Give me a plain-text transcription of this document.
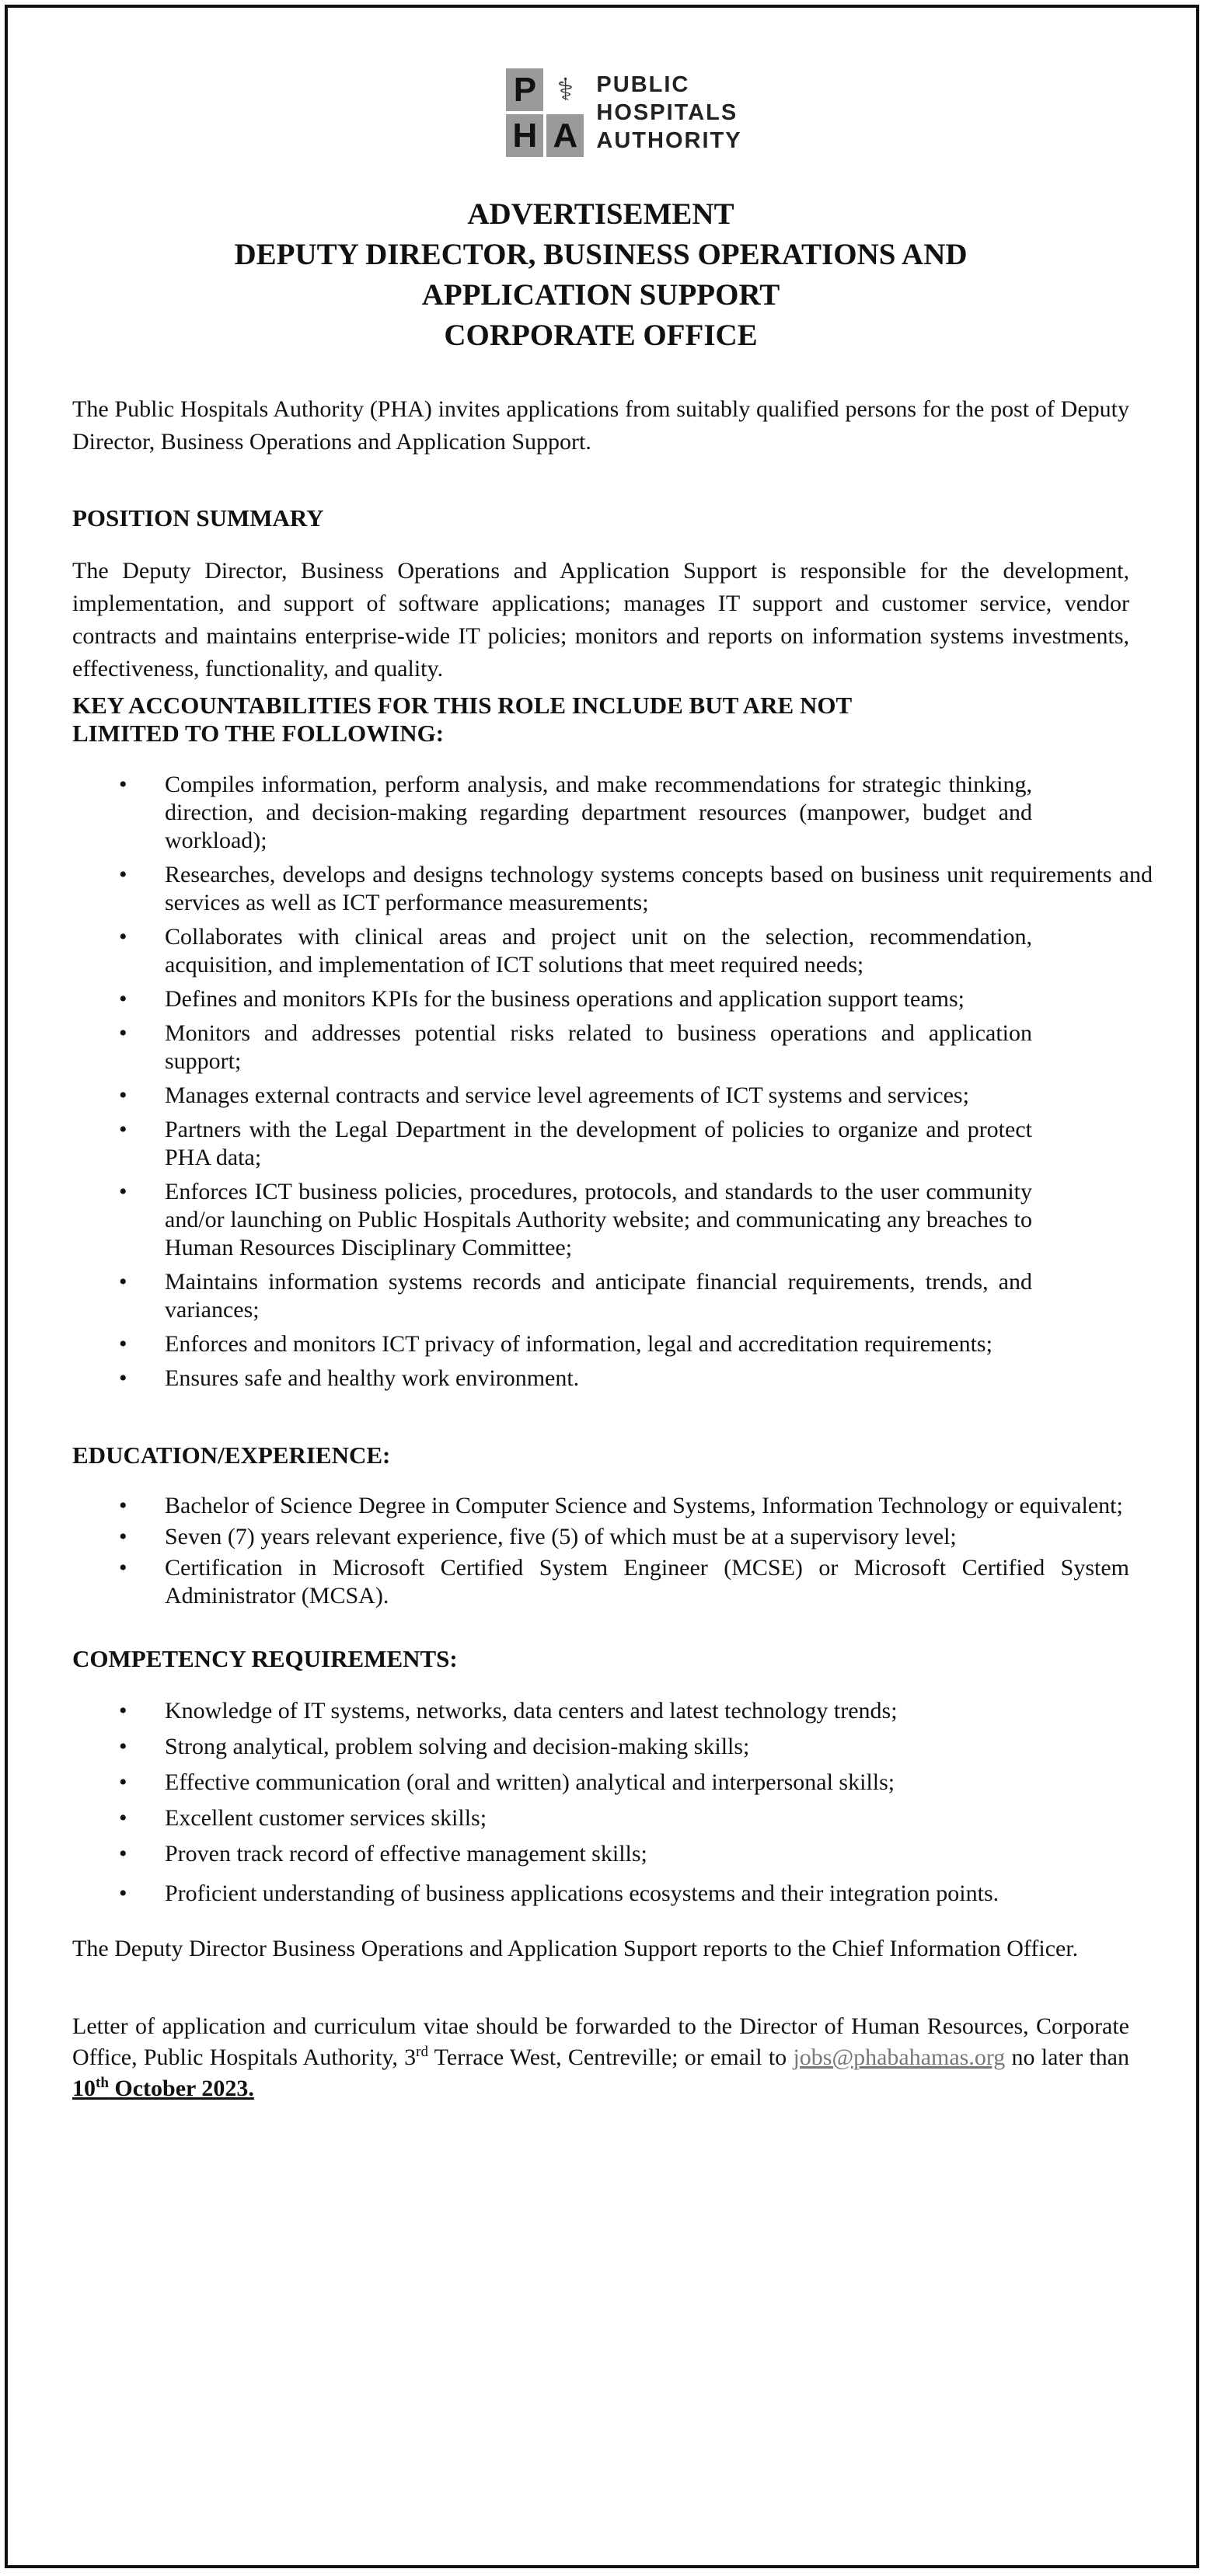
P ⚕
H A
PUBLIC
HOSPITALS
AUTHORITY
ADVERTISEMENT
DEPUTY DIRECTOR, BUSINESS OPERATIONS AND
APPLICATION SUPPORT
CORPORATE OFFICE

The Public Hospitals Authority (PHA) invites applications from suitably qualified persons for the post of Deputy Director, Business Operations and Application Support.

POSITION SUMMARY

The Deputy Director, Business Operations and Application Support is responsible for the development, implementation, and support of software applications; manages IT support and customer service, vendor contracts and maintains enterprise-wide IT policies; monitors and reports on information systems investments, effectiveness, functionality, and quality.

KEY ACCOUNTABILITIES FOR THIS ROLE INCLUDE BUT ARE NOT
LIMITED TO THE FOLLOWING:
• Compiles information, perform analysis, and make recommendations for strategic thinking, direction, and decision-making regarding department resources (manpower, budget and workload);
• Researches, develops and designs technology systems concepts based on business unit requirements and services as well as ICT performance measurements;
• Collaborates with clinical areas and project unit on the selection, recommendation, acquisition, and implementation of ICT solutions that meet required needs;
• Defines and monitors KPIs for the business operations and application support teams;
• Monitors and addresses potential risks related to business operations and application support;
• Manages external contracts and service level agreements of ICT systems and services;
• Partners with the Legal Department in the development of policies to organize and protect PHA data;
• Enforces ICT business policies, procedures, protocols, and standards to the user community and/or launching on Public Hospitals Authority website; and communicating any breaches to Human Resources Disciplinary Committee;
• Maintains information systems records and anticipate financial requirements, trends, and variances;
• Enforces and monitors ICT privacy of information, legal and accreditation requirements;
• Ensures safe and healthy work environment.
EDUCATION/EXPERIENCE:
• Bachelor of Science Degree in Computer Science and Systems, Information Technology or equivalent;
• Seven (7) years relevant experience, five (5) of which must be at a supervisory level;
• Certification in Microsoft Certified System Engineer (MCSE) or Microsoft Certified System Administrator (MCSA).
COMPETENCY REQUIREMENTS:
• Knowledge of IT systems, networks, data centers and latest technology trends;
• Strong analytical, problem solving and decision-making skills;
• Effective communication (oral and written) analytical and interpersonal skills;
• Excellent customer services skills;
• Proven track record of effective management skills;
• Proficient understanding of business applications ecosystems and their integration points.

The Deputy Director Business Operations and Application Support reports to the Chief Information Officer.

Letter of application and curriculum vitae should be forwarded to the Director of Human Resources, Corporate Office, Public Hospitals Authority, 3rd Terrace West, Centreville; or email to jobs@phabahamas.org no later than 10th October 2023.
